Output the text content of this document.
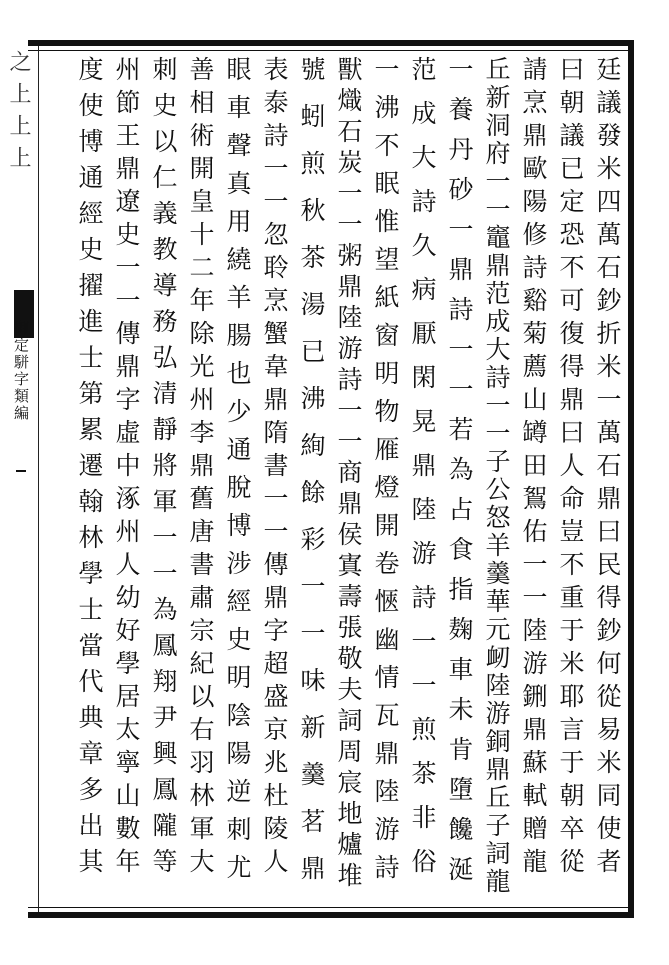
之上上上
御定駢字類編	廷議發米四萬石鈔折米一萬石鼎曰民得鈔何從易米同使者
曰朝議已定恐不可復得鼎曰人命豈不重于米耶言于朝卒從
請烹鼎歐陽修詩谿菊薦山罇田鴽佑一一陸游鉶鼎蘇軾贈龍
丘新洞府一一竈鼎范成大詩一一子公怒羊羹華元衂陸游銅鼎丘子詞龍
一養丹砂一鼎詩一一若為占食指麹車未肯墮饞涎
范成大詩久病厭閑晃鼎陸游詩一一煎茶非俗
一沸不眠惟望紙窗明物雁燈開卷愜幽情瓦鼎陸游詩
獸熾石炭一一粥鼎陸游詩一一商鼎侯寘壽張敬夫詞周宸地爐堆
號蚓煎秋茶湯已沸絢餘彩一一味新羹茗鼎
表泰詩一一忽聆烹蟹韋鼎隋書一一傳鼎字超盛京兆杜陵人
眼車聲真用繞羊腸也少通脫博涉經史明陰陽逆刺尤
善相術開皇十二年除光州李鼎舊唐書肅宗紀以右羽林軍大
刺史以仁義教導務弘清靜將軍一一為鳳翔尹興鳳隴等
州節王鼎遼史一一傳鼎字虛中涿州人幼好學居太寧山數年
度使博通經史擢進士第累遷翰林學士當代典章多出其
